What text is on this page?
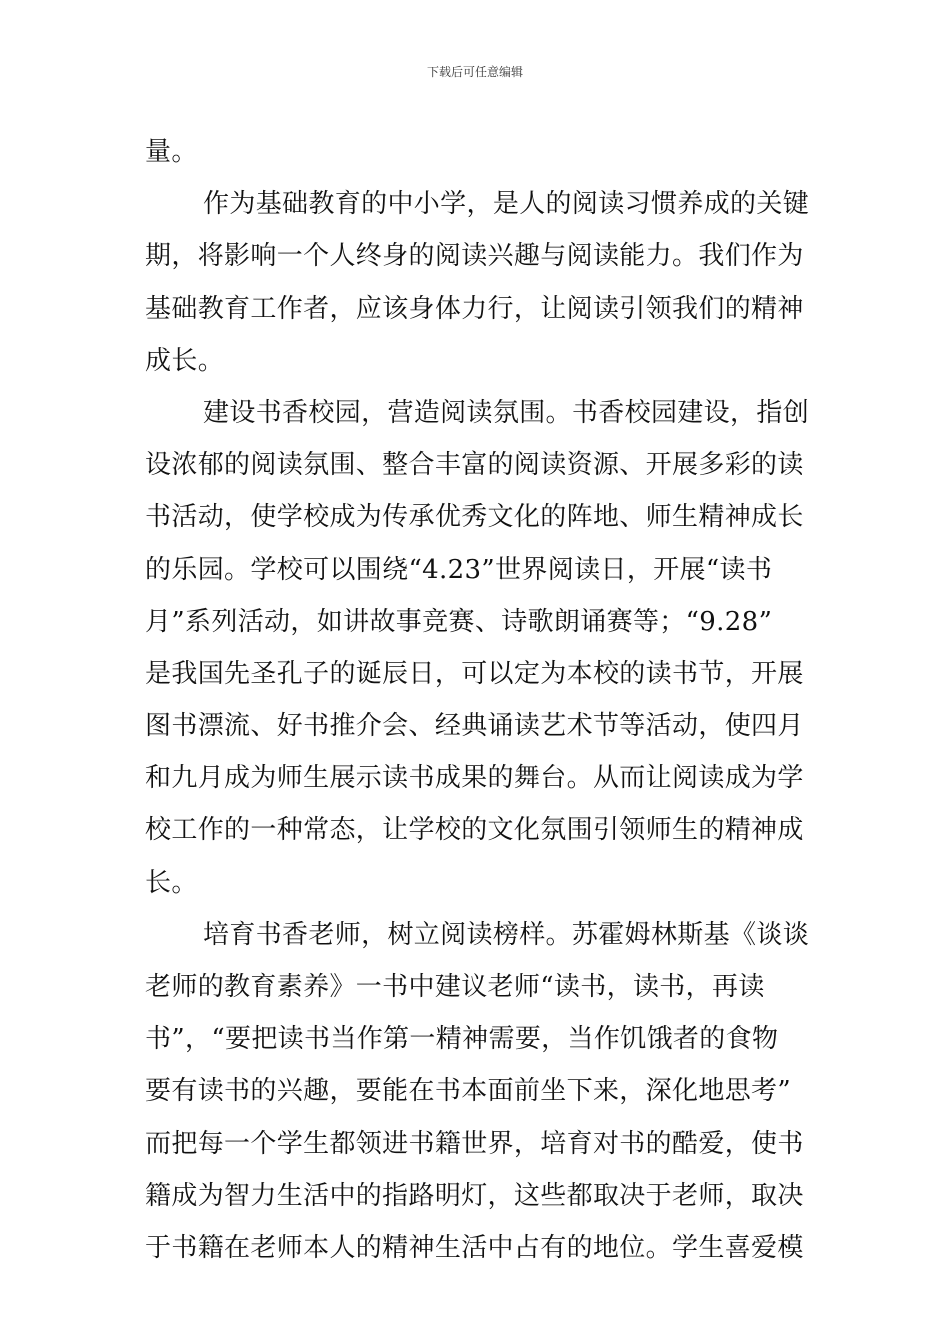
下载后可任意编辑
量。
作为基础教育的中小学，是人的阅读习惯养成的关键
期，将影响一个人终身的阅读兴趣与阅读能力。我们作为
基础教育工作者，应该身体力行，让阅读引领我们的精神
成长。
建设书香校园，营造阅读氛围。书香校园建设，指创
设浓郁的阅读氛围、整合丰富的阅读资源、开展多彩的读
书活动，使学校成为传承优秀文化的阵地、师生精神成长
的乐园。学校可以围绕“4.23”世界阅读日，开展“读书
月”系列活动，如讲故事竞赛、诗歌朗诵赛等；“9.28”
是我国先圣孔子的诞辰日，可以定为本校的读书节，开展
图书漂流、好书推介会、经典诵读艺术节等活动，使四月
和九月成为师生展示读书成果的舞台。从而让阅读成为学
校工作的一种常态，让学校的文化氛围引领师生的精神成
长。
培育书香老师，树立阅读榜样。苏霍姆林斯基《谈谈
老师的教育素养》一书中建议老师“读书，读书，再读
书”，“要把读书当作第一精神需要，当作饥饿者的食物
要有读书的兴趣，要能在书本面前坐下来，深化地思考”
而把每一个学生都领进书籍世界，培育对书的酷爱，使书
籍成为智力生活中的指路明灯，这些都取决于老师，取决
于书籍在老师本人的精神生活中占有的地位。学生喜爱模
